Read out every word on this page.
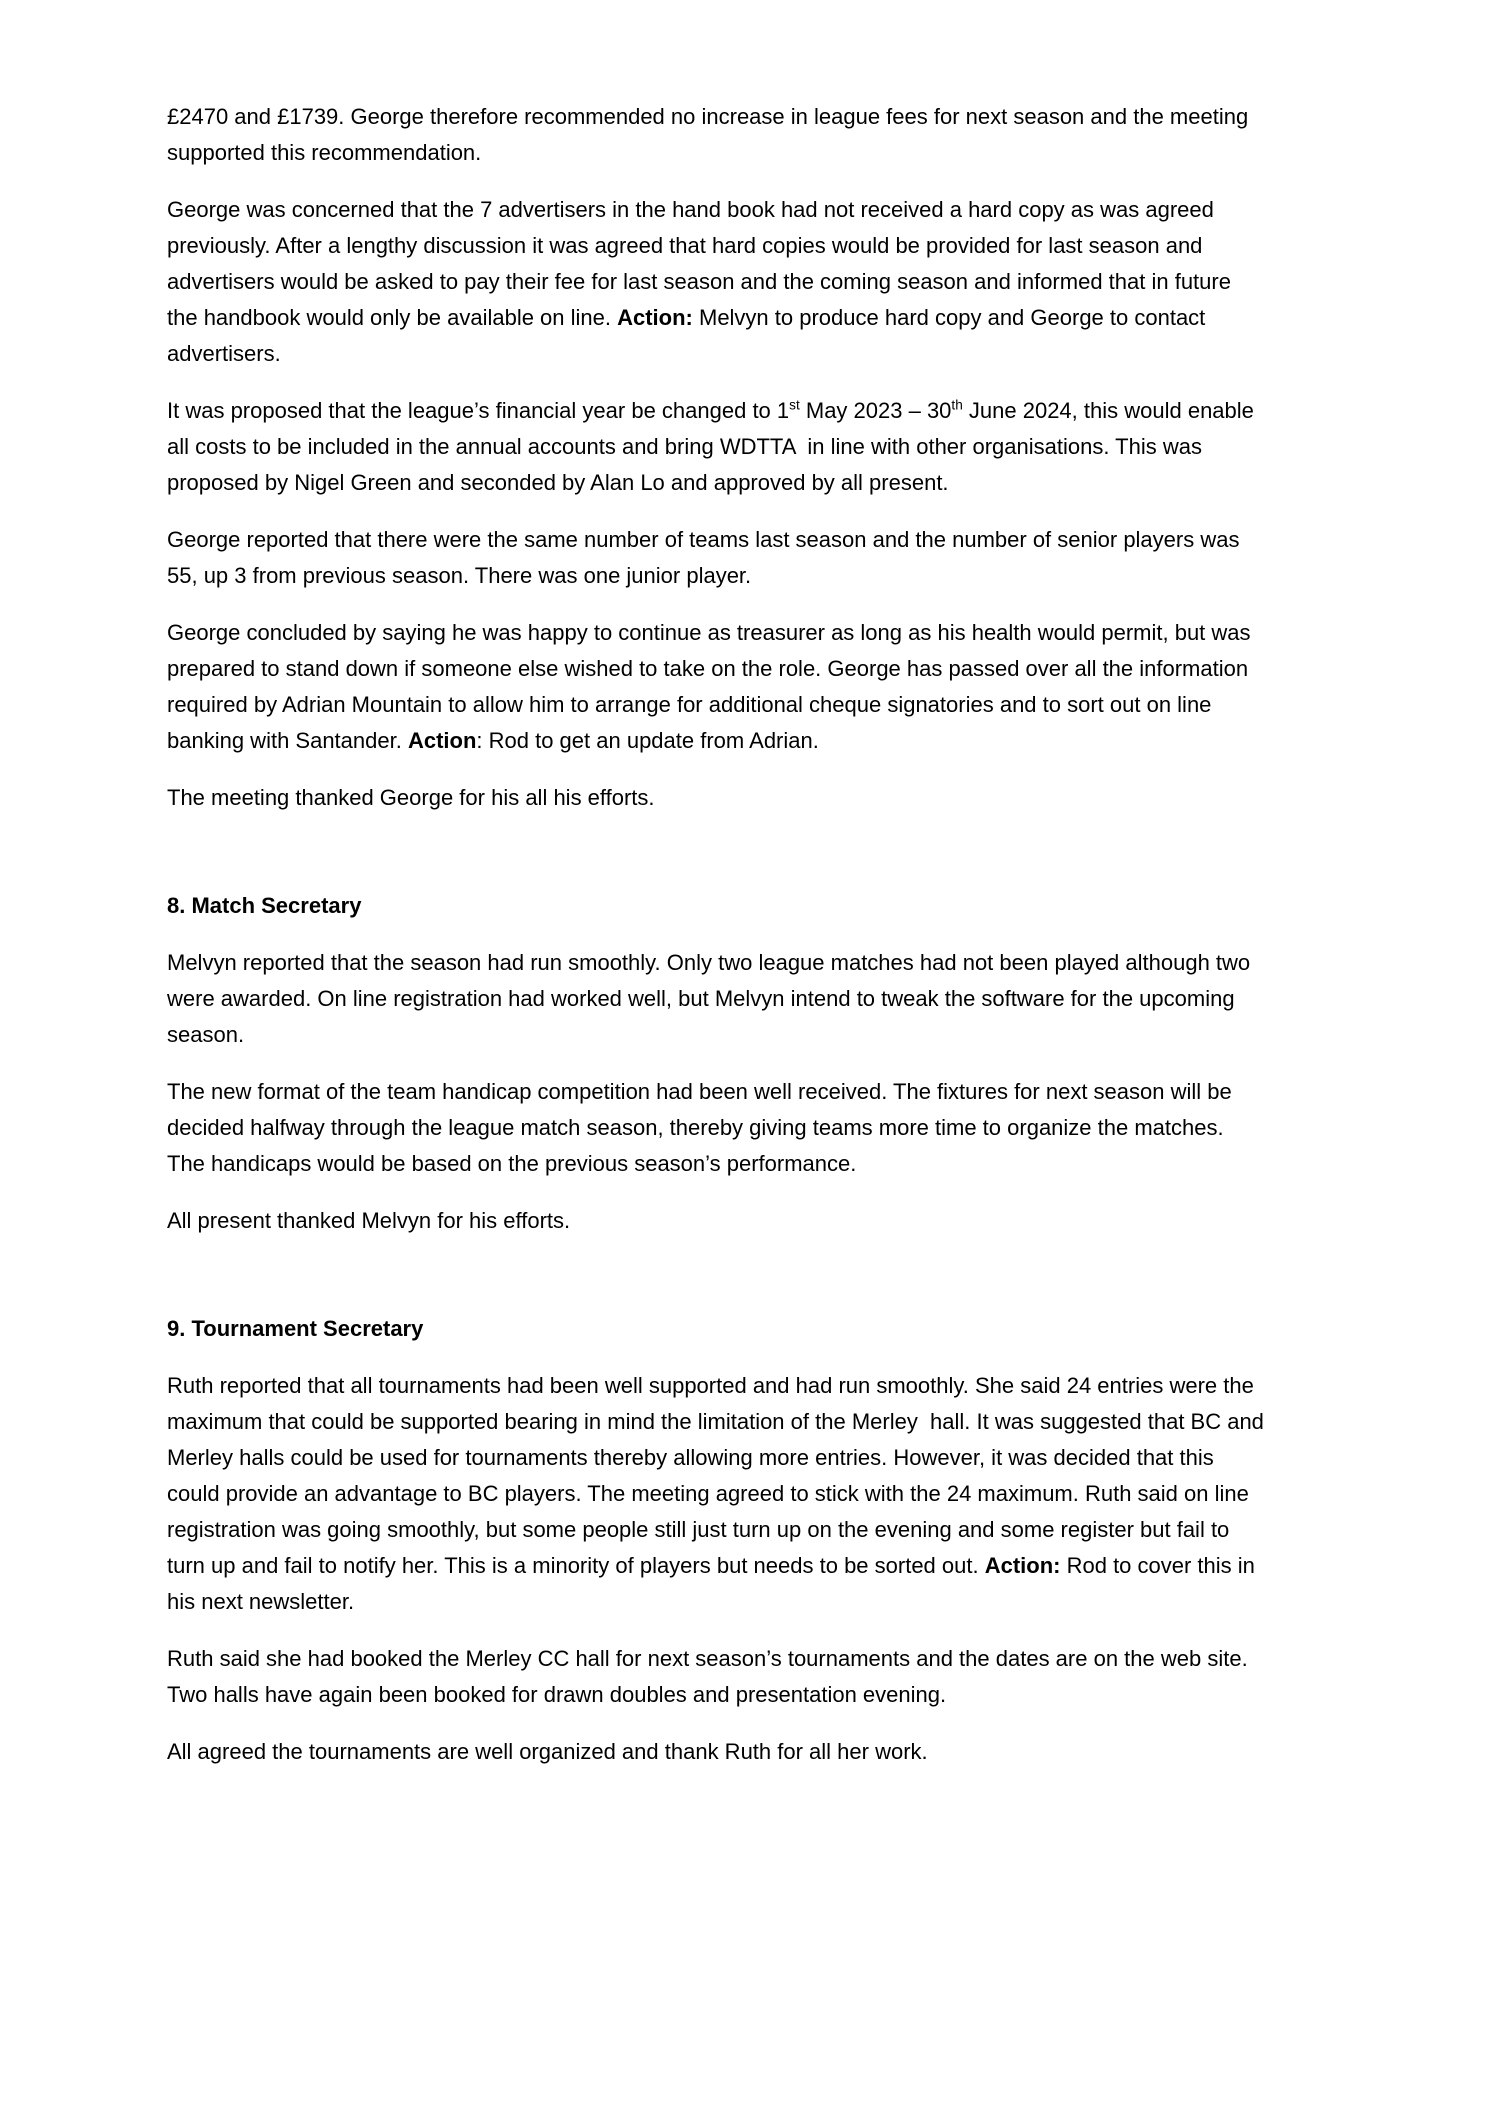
£2470 and £1739. George therefore recommended no increase in league fees for next season and the meeting supported this recommendation.

George was concerned that the 7 advertisers in the hand book had not received a hard copy as was agreed previously. After a lengthy discussion it was agreed that hard copies would be provided for last season and advertisers would be asked to pay their fee for last season and the coming season and informed that in future the handbook would only be available on line. Action: Melvyn to produce hard copy and George to contact advertisers.

It was proposed that the league’s financial year be changed to 1st May 2023 – 30th June 2024, this would enable all costs to be included in the annual accounts and bring WDTTA  in line with other organisations. This was proposed by Nigel Green and seconded by Alan Lo and approved by all present.

George reported that there were the same number of teams last season and the number of senior players was 55, up 3 from previous season. There was one junior player.

George concluded by saying he was happy to continue as treasurer as long as his health would permit, but was prepared to stand down if someone else wished to take on the role. George has passed over all the information required by Adrian Mountain to allow him to arrange for additional cheque signatories and to sort out on line banking with Santander. Action: Rod to get an update from Adrian.

The meeting thanked George for his all his efforts.

8. Match Secretary

Melvyn reported that the season had run smoothly. Only two league matches had not been played although two were awarded. On line registration had worked well, but Melvyn intend to tweak the software for the upcoming season.

The new format of the team handicap competition had been well received. The fixtures for next season will be decided halfway through the league match season, thereby giving teams more time to organize the matches. The handicaps would be based on the previous season’s performance.

All present thanked Melvyn for his efforts.

9. Tournament Secretary

Ruth reported that all tournaments had been well supported and had run smoothly. She said 24 entries were the maximum that could be supported bearing in mind the limitation of the Merley  hall. It was suggested that BC and Merley halls could be used for tournaments thereby allowing more entries. However, it was decided that this could provide an advantage to BC players. The meeting agreed to stick with the 24 maximum. Ruth said on line registration was going smoothly, but some people still just turn up on the evening and some register but fail to turn up and fail to notify her. This is a minority of players but needs to be sorted out. Action: Rod to cover this in his next newsletter.

Ruth said she had booked the Merley CC hall for next season’s tournaments and the dates are on the web site. Two halls have again been booked for drawn doubles and presentation evening.

All agreed the tournaments are well organized and thank Ruth for all her work.
